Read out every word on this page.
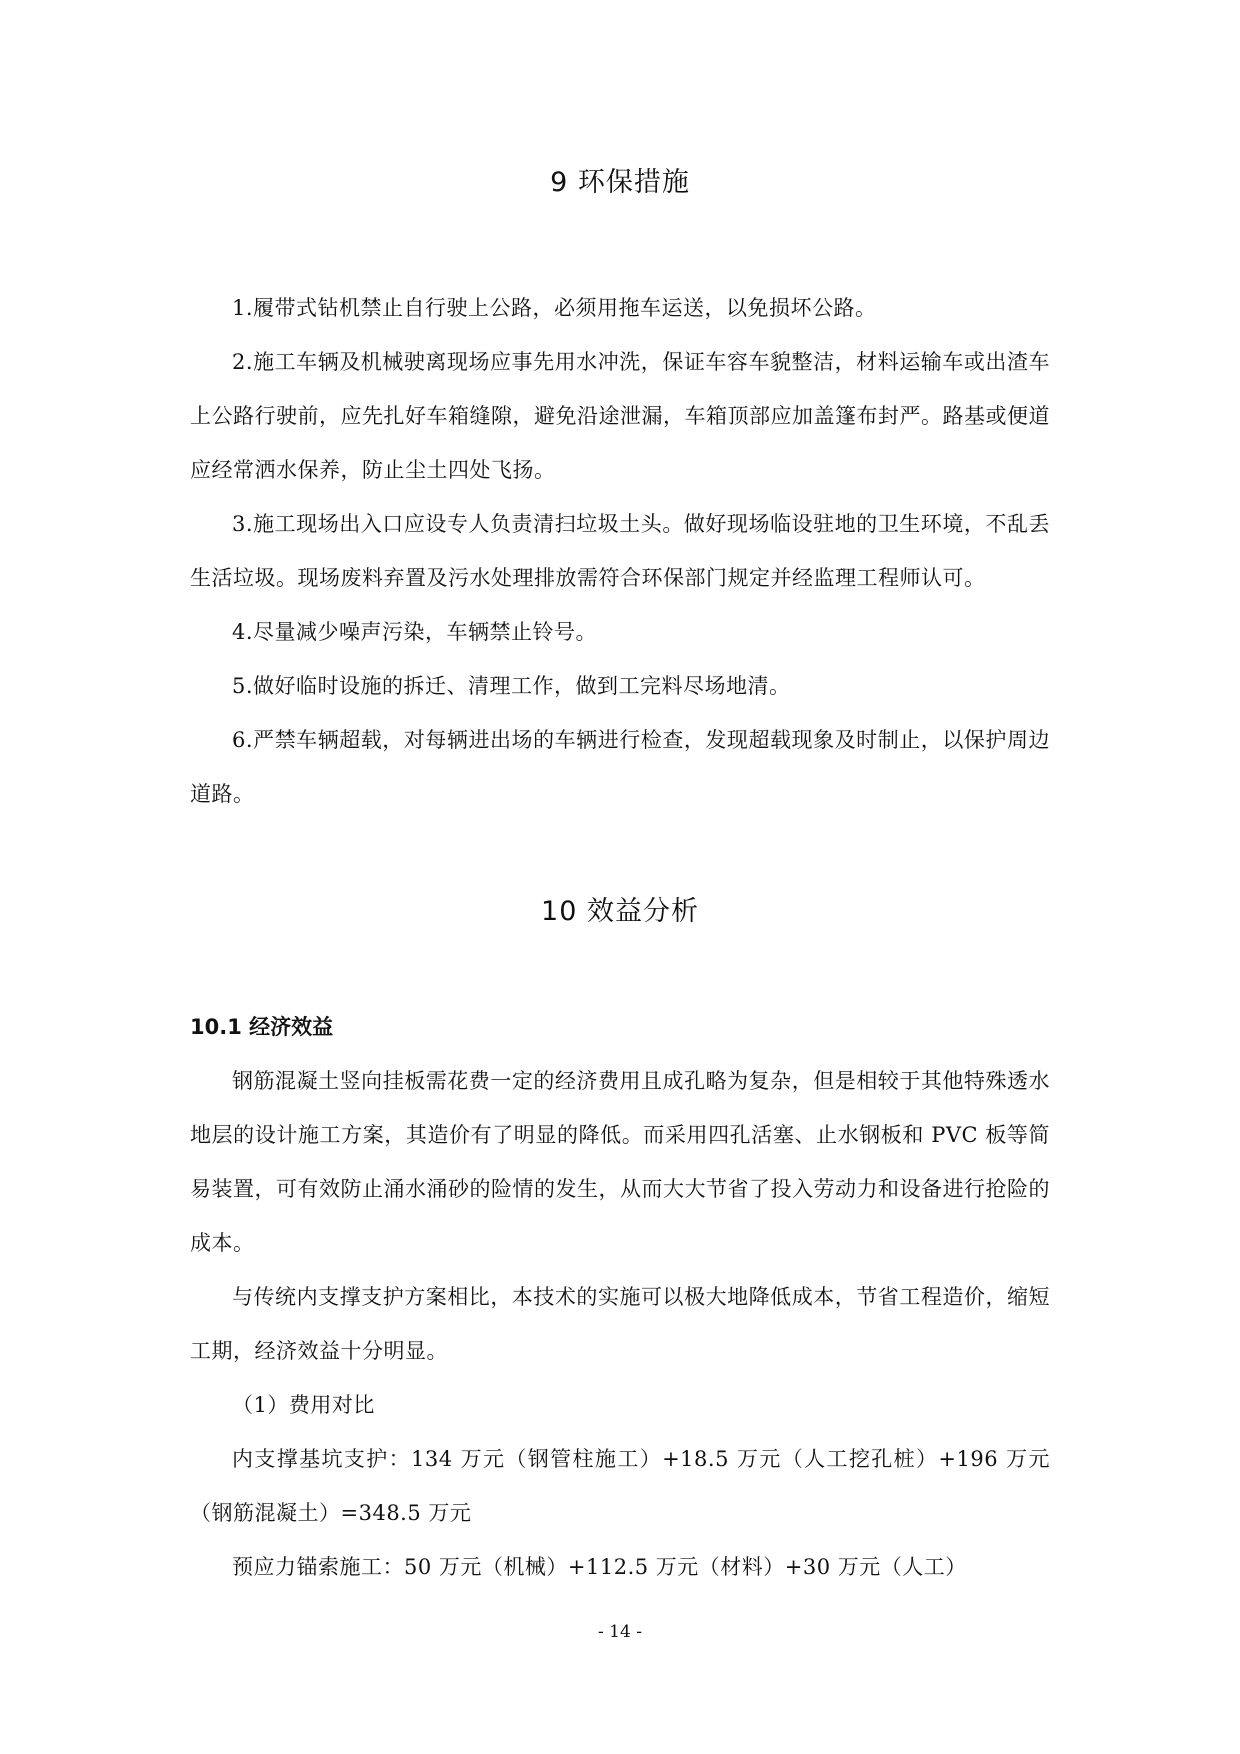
9 环保措施

1.履带式钻机禁止自行驶上公路，必须用拖车运送，以免损坏公路。

2.施工车辆及机械驶离现场应事先用水冲洗，保证车容车貌整洁，材料运输车或出渣车上公路行驶前，应先扎好车箱缝隙，避免沿途泄漏，车箱顶部应加盖篷布封严。路基或便道应经常洒水保养，防止尘土四处飞扬。

3.施工现场出入口应设专人负责清扫垃圾土头。做好现场临设驻地的卫生环境，不乱丢生活垃圾。现场废料弃置及污水处理排放需符合环保部门规定并经监理工程师认可。

4.尽量减少噪声污染，车辆禁止铃号。

5.做好临时设施的拆迁、清理工作，做到工完料尽场地清。

6.严禁车辆超载，对每辆进出场的车辆进行检查，发现超载现象及时制止，以保护周边道路。

10 效益分析
10.1 经济效益

钢筋混凝土竖向挂板需花费一定的经济费用且成孔略为复杂，但是相较于其他特殊透水地层的设计施工方案，其造价有了明显的降低。而采用四孔活塞、止水钢板和 PVC 板等简易装置，可有效防止涌水涌砂的险情的发生，从而大大节省了投入劳动力和设备进行抢险的成本。

与传统内支撑支护方案相比，本技术的实施可以极大地降低成本，节省工程造价，缩短工期，经济效益十分明显。

（1）费用对比

内支撑基坑支护：134 万元（钢管柱施工）+18.5 万元（人工挖孔桩）+196 万元（钢筋混凝土）=348.5 万元

预应力锚索施工：50 万元（机械）+112.5 万元（材料）+30 万元（人工）

- 14 -
